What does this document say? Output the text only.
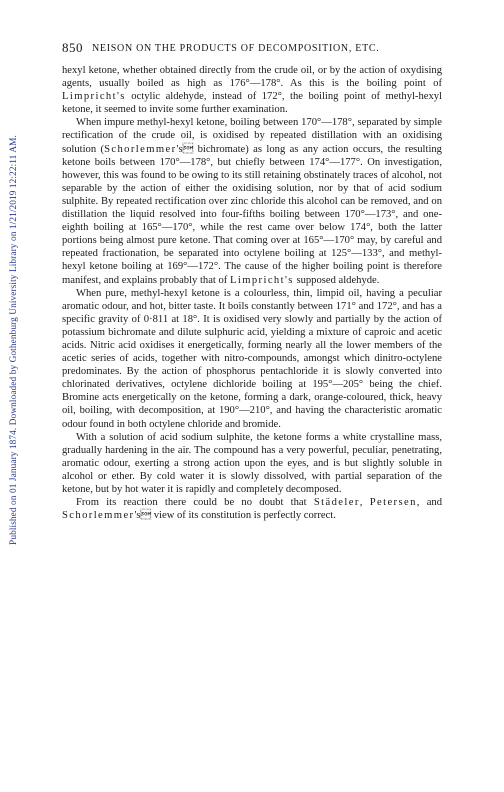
Published on 01 January 1874. Downloaded by Gothenburg University Library on 1/21/2019 12:22:11 AM.
850 NEISON ON THE PRODUCTS OF DECOMPOSITION, ETC.

hexyl ketone, whether obtained directly from the crude oil, or by the action of oxydising agents, usually boiled as high as 176°—178°. As this is the boiling point of Limpricht's octylic aldehyde, instead of 172°, the boiling point of methyl-hexyl ketone, it seemed to invite some further examination.

When impure methyl-hexyl ketone, boiling between 170°—178°, separated by simple rectification of the crude oil, is oxidised by repeated distillation with an oxidising solution (Schorlemmer's bichromate) as long as any action occurs, the resulting ketone boils between 170°—178°, but chiefly between 174°—177°. On investigation, however, this was found to be owing to its still retaining obstinately traces of alcohol, not separable by the action of either the oxidising solution, nor by that of acid sodium sulphite. By repeated rectification over zinc chloride this alcohol can be removed, and on distillation the liquid resolved into four-fifths boiling between 170°—173°, and one-eighth boiling at 165°—170°, while the rest came over below 174°, both the latter portions being almost pure ketone. That coming over at 165°—170° may, by careful and repeated fractionation, be separated into octylene boiling at 125°—133°, and methyl-hexyl ketone boiling at 169°—172°. The cause of the higher boiling point is therefore manifest, and explains probably that of Limpricht's supposed aldehyde.

When pure, methyl-hexyl ketone is a colourless, thin, limpid oil, having a peculiar aromatic odour, and hot, bitter taste. It boils constantly between 171° and 172°, and has a specific gravity of 0·811 at 18°. It is oxidised very slowly and partially by the action of potassium bichromate and dilute sulphuric acid, yielding a mixture of caproic and acetic acids. Nitric acid oxidises it energetically, forming nearly all the lower members of the acetic series of acids, together with nitro-compounds, amongst which dinitro-octylene predominates. By the action of phosphorus pentachloride it is slowly converted into chlorinated derivatives, octylene dichloride boiling at 195°—205° being the chief. Bromine acts energetically on the ketone, forming a dark, orange-coloured, thick, heavy oil, boiling, with decomposition, at 190°—210°, and having the characteristic aromatic odour found in both octylene chloride and bromide.

With a solution of acid sodium sulphite, the ketone forms a white crystalline mass, gradually hardening in the air. The compound has a very powerful, peculiar, penetrating, aromatic odour, exerting a strong action upon the eyes, and is but slightly soluble in alcohol or ether. By cold water it is slowly dissolved, with partial separation of the ketone, but by hot water it is rapidly and completely decomposed.

From its reaction there could be no doubt that Städeler, Petersen, and Schorlemmer's view of its constitution is perfectly correct.
